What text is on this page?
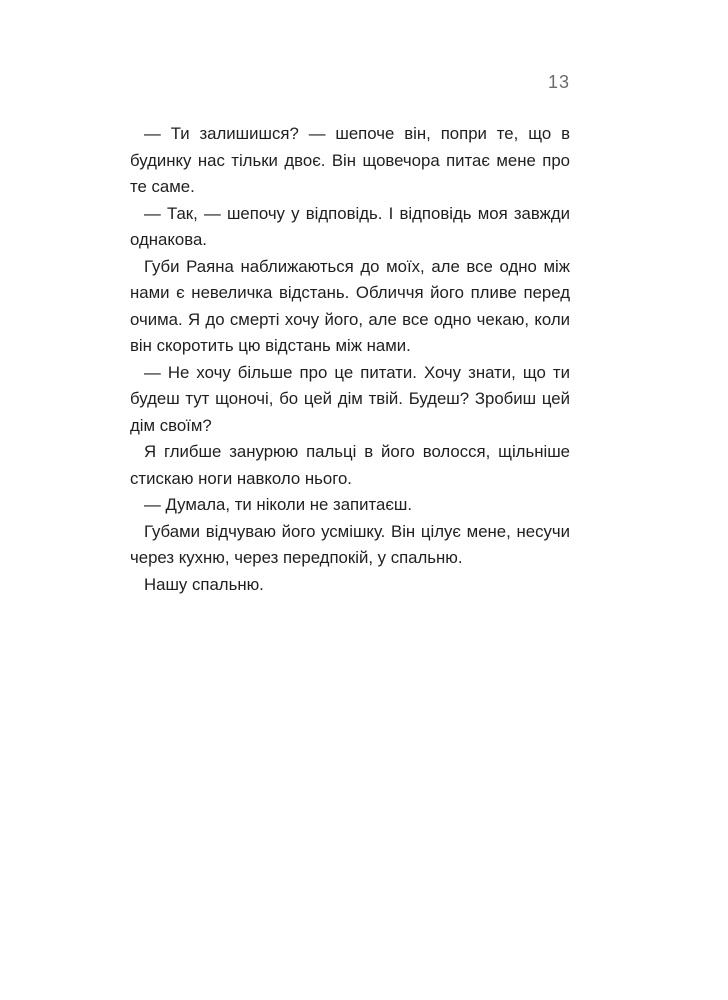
13

— Ти залишишся? — шепоче він, попри те, що в будинку нас тільки двоє. Він щовечора питає мене про те саме.

— Так, — шепочу у відповідь. І відповідь моя завжди однакова.

Губи Раяна наближаються до моїх, але все одно між нами є невеличка відстань. Обличчя його пливе перед очима. Я до смерті хочу його, але все одно чекаю, коли він скоротить цю відстань між нами.

— Не хочу більше про це питати. Хочу знати, що ти будеш тут щоночі, бо цей дім твій. Будеш? Зробиш цей дім своїм?

Я глибше занурюю пальці в його волосся, щільніше стискаю ноги навколо нього.

— Думала, ти ніколи не запитаєш.

Губами відчуваю його усмішку. Він цілує мене, несучи через кухню, через передпокій, у спальню.

Нашу спальню.
